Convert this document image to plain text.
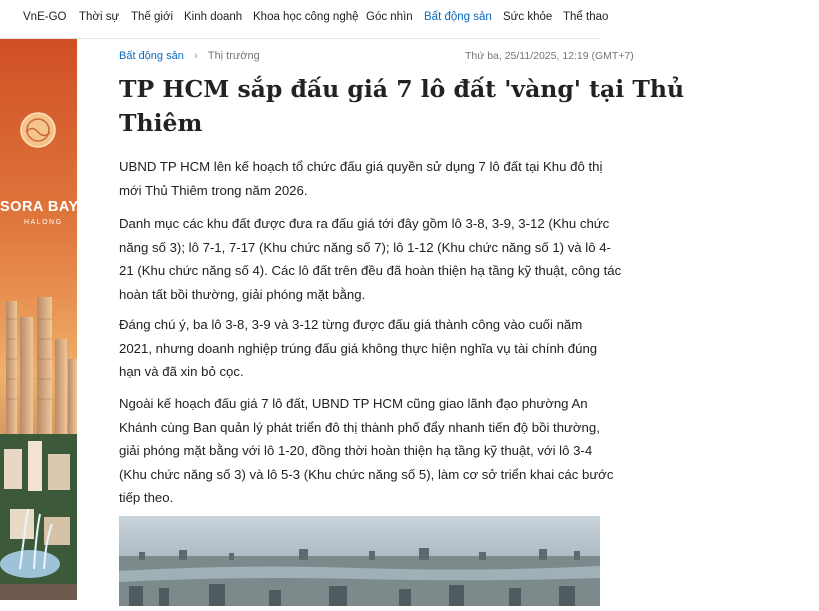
VnE-GO Thời sự Thế giới Kinh doanh Khoa học công nghệ Góc nhìn Bất động sản Sức khỏe Thể thao
SORA BAY
HALONG
Bất động sản › Thị trường	Thứ ba, 25/11/2025, 12:19 (GMT+7)
TP HCM sắp đấu giá 7 lô đất 'vàng' tại Thủ
Thiêm
UBND TP HCM lên kế hoạch tổ chức đấu giá quyền sử dụng 7 lô đất tại Khu đô thị
mới Thủ Thiêm trong năm 2026.
Danh mục các khu đất được đưa ra đấu giá tới đây gồm lô 3-8, 3-9, 3-12 (Khu chức
năng số 3); lô 7-1, 7-17 (Khu chức năng số 7); lô 1-12 (Khu chức năng số 1) và lô 4-
21 (Khu chức năng số 4). Các lô đất trên đều đã hoàn thiện hạ tầng kỹ thuật, công tác
hoàn tất bồi thường, giải phóng mặt bằng.
Đáng chú ý, ba lô 3-8, 3-9 và 3-12 từng được đấu giá thành công vào cuối năm
2021, nhưng doanh nghiệp trúng đấu giá không thực hiện nghĩa vụ tài chính đúng
hạn và đã xin bỏ cọc.
Ngoài kế hoạch đấu giá 7 lô đất, UBND TP HCM cũng giao lãnh đạo phường An
Khánh cùng Ban quản lý phát triển đô thị thành phố đẩy nhanh tiến độ bồi thường,
giải phóng mặt bằng với lô 1-20, đồng thời hoàn thiện hạ tầng kỹ thuật, với lô 3-4
(Khu chức năng số 3) và lô 5-3 (Khu chức năng số 5), làm cơ sở triển khai các bước
tiếp theo.
